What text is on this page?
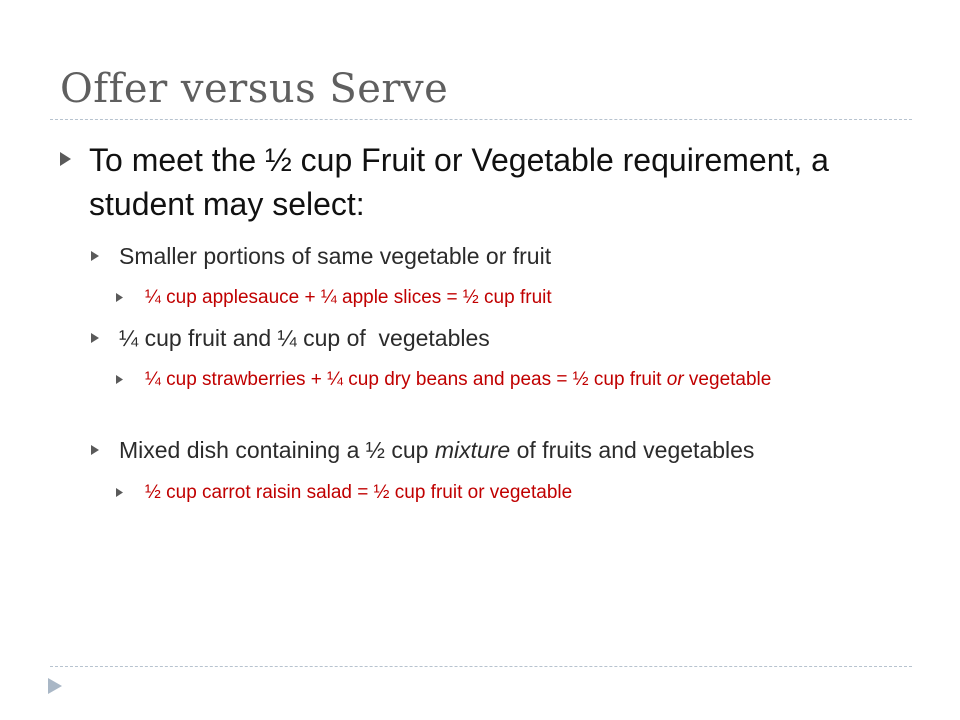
Offer versus Serve
To meet the ½ cup Fruit or Vegetable requirement, a student may select:
Smaller portions of same vegetable or fruit
¼ cup applesauce + ¼ apple slices = ½ cup fruit
¼ cup fruit and ¼ cup of  vegetables
¼ cup strawberries + ¼ cup dry beans and peas = ½ cup fruit or vegetable
Mixed dish containing a ½ cup mixture of fruits and vegetables
½ cup carrot raisin salad = ½ cup fruit or vegetable
